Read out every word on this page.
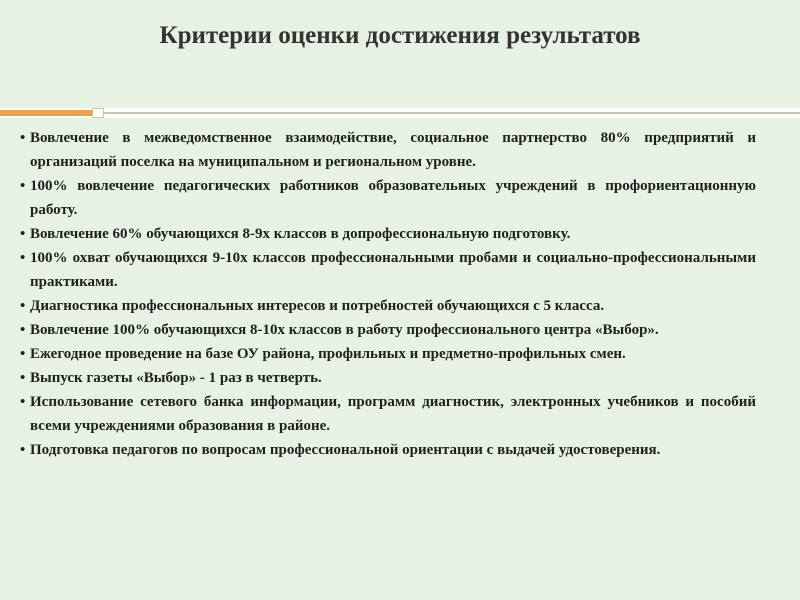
Критерии оценки достижения результатов
• Вовлечение в межведомственное взаимодействие, социальное партнерство 80% предприятий и организаций поселка на муниципальном и региональном уровне.
• 100% вовлечение педагогических работников образовательных учреждений в профориентационную работу.
• Вовлечение 60% обучающихся 8-9х классов в допрофессиональную подготовку.
• 100% охват обучающихся 9-10х классов профессиональными пробами и социально-профессиональными практиками.
• Диагностика профессиональных интересов и потребностей обучающихся с 5 класса.
• Вовлечение 100% обучающихся 8-10х классов в работу профессионального центра «Выбор».
• Ежегодное проведение на базе ОУ района, профильных и предметно-профильных смен.
• Выпуск газеты «Выбор» - 1 раз в четверть.
• Использование сетевого банка информации, программ диагностик, электронных учебников и пособий всеми учреждениями образования в районе.
• Подготовка педагогов по вопросам профессиональной ориентации с выдачей удостоверения.
